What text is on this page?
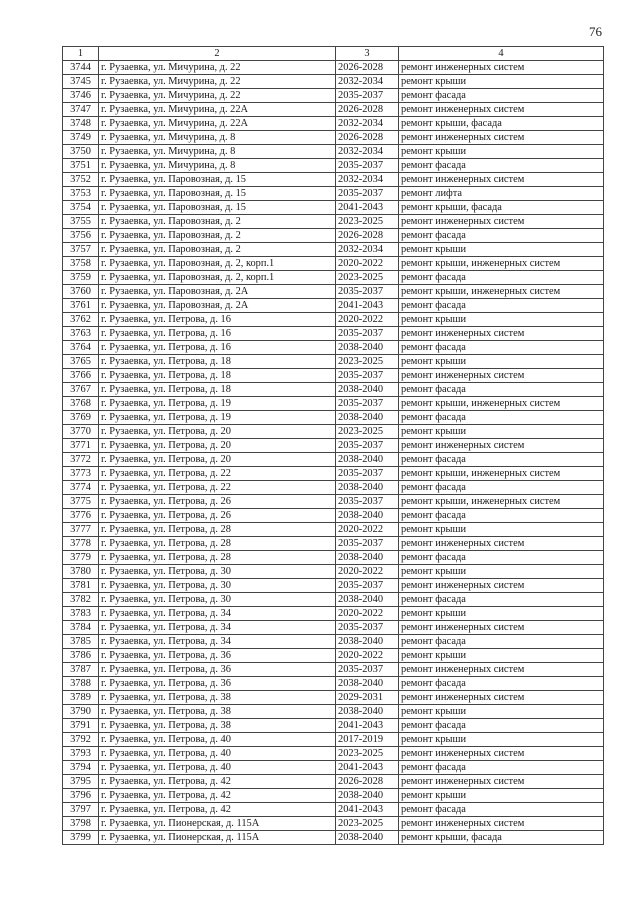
76
1	2	3	4
3744	г. Рузаевка, ул. Мичурина, д. 22	2026-2028	ремонт инженерных систем
3745	г. Рузаевка, ул. Мичурина, д. 22	2032-2034	ремонт крыши
3746	г. Рузаевка, ул. Мичурина, д. 22	2035-2037	ремонт фасада
3747	г. Рузаевка, ул. Мичурина, д. 22А	2026-2028	ремонт инженерных систем
3748	г. Рузаевка, ул. Мичурина, д. 22А	2032-2034	ремонт крыши, фасада
3749	г. Рузаевка, ул. Мичурина, д. 8	2026-2028	ремонт инженерных систем
3750	г. Рузаевка, ул. Мичурина, д. 8	2032-2034	ремонт крыши
3751	г. Рузаевка, ул. Мичурина, д. 8	2035-2037	ремонт фасада
3752	г. Рузаевка, ул. Паровозная, д. 15	2032-2034	ремонт инженерных систем
3753	г. Рузаевка, ул. Паровозная, д. 15	2035-2037	ремонт лифта
3754	г. Рузаевка, ул. Паровозная, д. 15	2041-2043	ремонт крыши, фасада
3755	г. Рузаевка, ул. Паровозная, д. 2	2023-2025	ремонт инженерных систем
3756	г. Рузаевка, ул. Паровозная, д. 2	2026-2028	ремонт фасада
3757	г. Рузаевка, ул. Паровозная, д. 2	2032-2034	ремонт крыши
3758	г. Рузаевка, ул. Паровозная, д. 2, корп.1	2020-2022	ремонт крыши, инженерных систем
3759	г. Рузаевка, ул. Паровозная, д. 2, корп.1	2023-2025	ремонт фасада
3760	г. Рузаевка, ул. Паровозная, д. 2А	2035-2037	ремонт крыши, инженерных систем
3761	г. Рузаевка, ул. Паровозная, д. 2А	2041-2043	ремонт фасада
3762	г. Рузаевка, ул. Петрова, д. 16	2020-2022	ремонт крыши
3763	г. Рузаевка, ул. Петрова, д. 16	2035-2037	ремонт инженерных систем
3764	г. Рузаевка, ул. Петрова, д. 16	2038-2040	ремонт фасада
3765	г. Рузаевка, ул. Петрова, д. 18	2023-2025	ремонт крыши
3766	г. Рузаевка, ул. Петрова, д. 18	2035-2037	ремонт инженерных систем
3767	г. Рузаевка, ул. Петрова, д. 18	2038-2040	ремонт фасада
3768	г. Рузаевка, ул. Петрова, д. 19	2035-2037	ремонт крыши, инженерных систем
3769	г. Рузаевка, ул. Петрова, д. 19	2038-2040	ремонт фасада
3770	г. Рузаевка, ул. Петрова, д. 20	2023-2025	ремонт крыши
3771	г. Рузаевка, ул. Петрова, д. 20	2035-2037	ремонт инженерных систем
3772	г. Рузаевка, ул. Петрова, д. 20	2038-2040	ремонт фасада
3773	г. Рузаевка, ул. Петрова, д. 22	2035-2037	ремонт крыши, инженерных систем
3774	г. Рузаевка, ул. Петрова, д. 22	2038-2040	ремонт фасада
3775	г. Рузаевка, ул. Петрова, д. 26	2035-2037	ремонт крыши, инженерных систем
3776	г. Рузаевка, ул. Петрова, д. 26	2038-2040	ремонт фасада
3777	г. Рузаевка, ул. Петрова, д. 28	2020-2022	ремонт крыши
3778	г. Рузаевка, ул. Петрова, д. 28	2035-2037	ремонт инженерных систем
3779	г. Рузаевка, ул. Петрова, д. 28	2038-2040	ремонт фасада
3780	г. Рузаевка, ул. Петрова, д. 30	2020-2022	ремонт крыши
3781	г. Рузаевка, ул. Петрова, д. 30	2035-2037	ремонт инженерных систем
3782	г. Рузаевка, ул. Петрова, д. 30	2038-2040	ремонт фасада
3783	г. Рузаевка, ул. Петрова, д. 34	2020-2022	ремонт крыши
3784	г. Рузаевка, ул. Петрова, д. 34	2035-2037	ремонт инженерных систем
3785	г. Рузаевка, ул. Петрова, д. 34	2038-2040	ремонт фасада
3786	г. Рузаевка, ул. Петрова, д. 36	2020-2022	ремонт крыши
3787	г. Рузаевка, ул. Петрова, д. 36	2035-2037	ремонт инженерных систем
3788	г. Рузаевка, ул. Петрова, д. 36	2038-2040	ремонт фасада
3789	г. Рузаевка, ул. Петрова, д. 38	2029-2031	ремонт инженерных систем
3790	г. Рузаевка, ул. Петрова, д. 38	2038-2040	ремонт крыши
3791	г. Рузаевка, ул. Петрова, д. 38	2041-2043	ремонт фасада
3792	г. Рузаевка, ул. Петрова, д. 40	2017-2019	ремонт крыши
3793	г. Рузаевка, ул. Петрова, д. 40	2023-2025	ремонт инженерных систем
3794	г. Рузаевка, ул. Петрова, д. 40	2041-2043	ремонт фасада
3795	г. Рузаевка, ул. Петрова, д. 42	2026-2028	ремонт инженерных систем
3796	г. Рузаевка, ул. Петрова, д. 42	2038-2040	ремонт крыши
3797	г. Рузаевка, ул. Петрова, д. 42	2041-2043	ремонт фасада
3798	г. Рузаевка, ул. Пионерская, д. 115А	2023-2025	ремонт инженерных систем
3799	г. Рузаевка, ул. Пионерская, д. 115А	2038-2040	ремонт крыши, фасада
